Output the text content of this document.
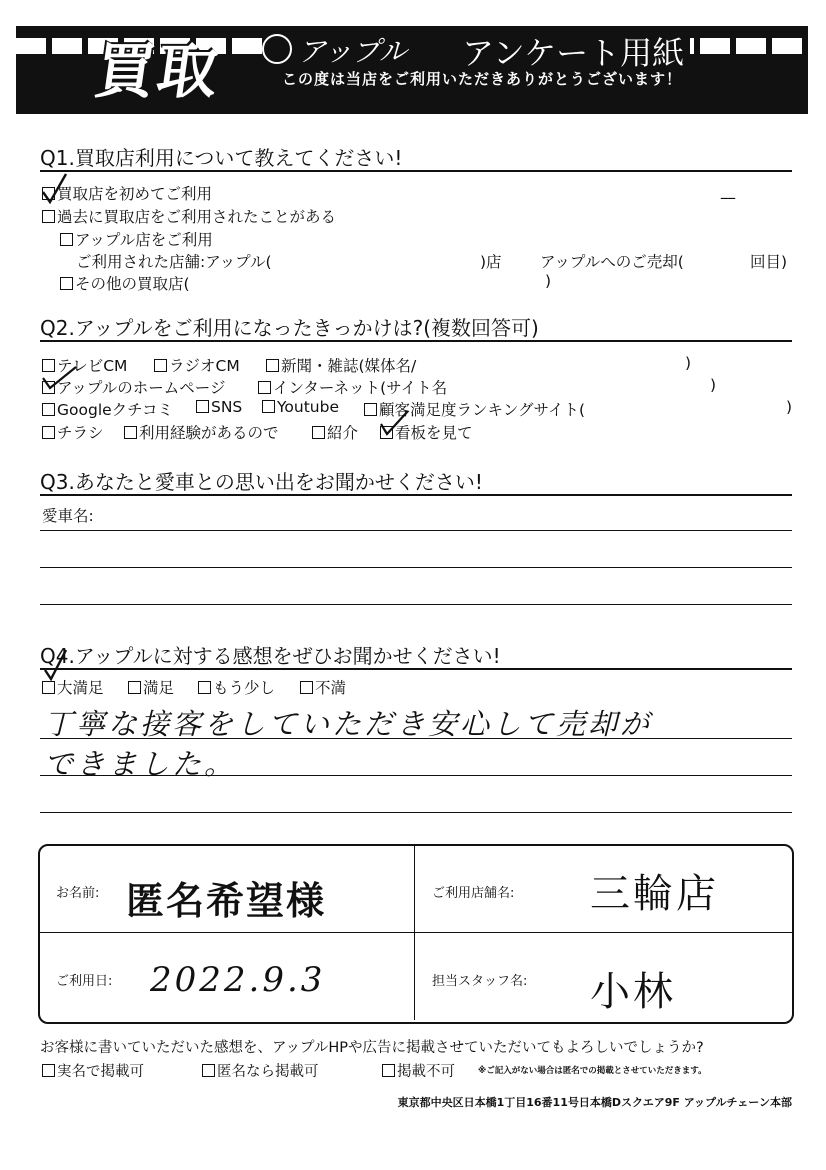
買取	アップル アンケート用紙
この度は当店をご利用いただきありがとうございます！
Q1.買取店利用について教えてください!
買取店を初めてご利用	—
過去に買取店をご利用されたことがある
アップル店をご利用
ご利用された店舗:アップル(	)店 アップルへのご売却(	回目)
その他の買取店(	)
Q2.アップルをご利用になったきっかけは?(複数回答可)
テレビCM	ラジオCM	新聞・雑誌(媒体名/	)
アップルのホームページ	インターネット(サイト名	)
Googleクチコミ	SNS	Youtube	顧客満足度ランキングサイト(	)
チラシ	利用経験があるので	紹介	看板を見て
Q3.あなたと愛車との思い出をお聞かせください!
愛車名:
Q4.アップルに対する感想をぜひお聞かせください!
大満足	満足	もう少し	不満
丁寧な接客をしていただき安心して売却が
できました。
お名前: 匿名希望様	ご利用店舗名: 三輪店
ご利用日: 2022.9.3	担当スタッフ名: 小林
お客様に書いていただいた感想を、アップルHPや広告に掲載させていただいてもよろしいでしょうか?
実名で掲載可	匿名なら掲載可	掲載不可	※ご記入がない場合は匿名での掲載とさせていただきます。
東京都中央区日本橋1丁目16番11号日本橋Dスクエア9F アップルチェーン本部
